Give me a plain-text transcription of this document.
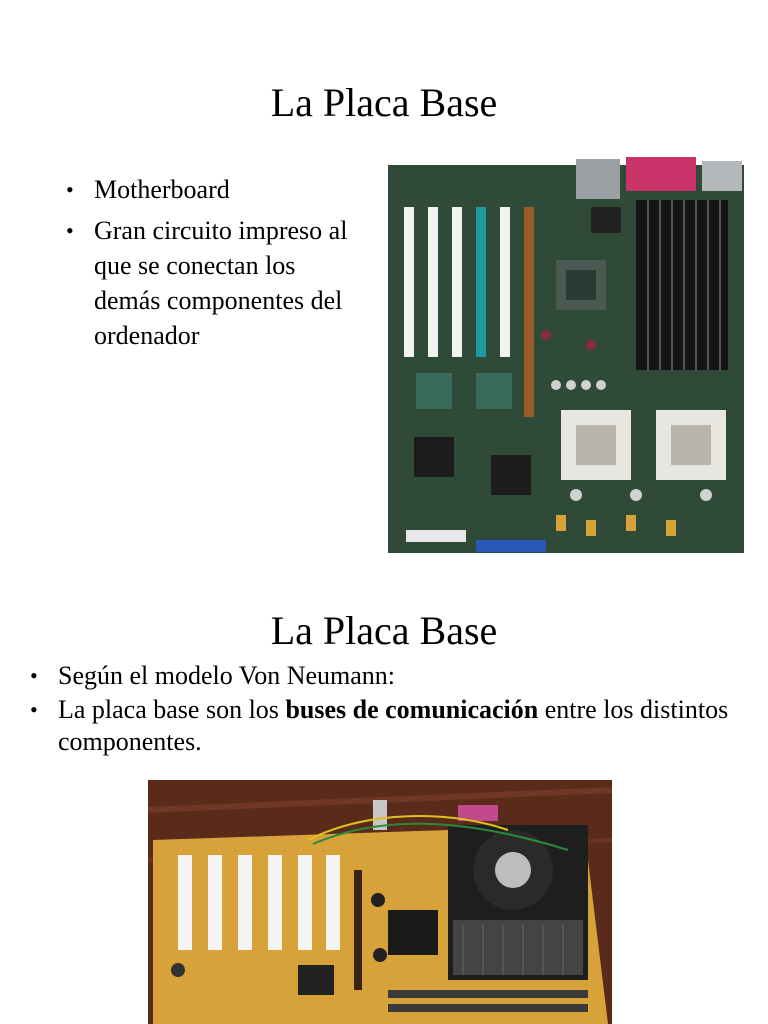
La Placa Base
• Motherboard
• Gran circuito impreso al que se conectan los demás componentes del ordenador
La Placa Base
• Según el modelo Von Neumann:
• La placa base son los buses de comunicación entre los distintos componentes.
